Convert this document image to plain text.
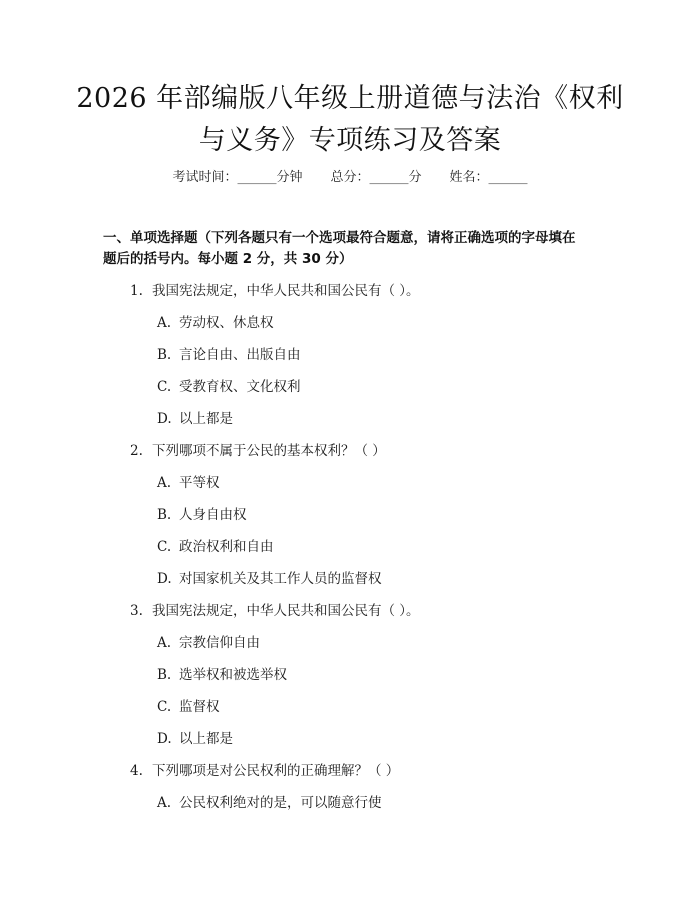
2026 年部编版八年级上册道德与法治《权利
与义务》专项练习及答案
考试时间：______分钟 总分：______分 姓名：______
一、单项选择题（下列各题只有一个选项最符合题意，请将正确选项的字母填在
题后的括号内。每小题 2 分，共 30 分）
1. 我国宪法规定，中华人民共和国公民有（ ）。
A. 劳动权、休息权
B. 言论自由、出版自由
C. 受教育权、文化权利
D. 以上都是
2. 下列哪项不属于公民的基本权利？（ ）
A. 平等权
B. 人身自由权
C. 政治权利和自由
D. 对国家机关及其工作人员的监督权
3. 我国宪法规定，中华人民共和国公民有（ ）。
A. 宗教信仰自由
B. 选举权和被选举权
C. 监督权
D. 以上都是
4. 下列哪项是对公民权利的正确理解？（ ）
A. 公民权利绝对的是，可以随意行使
